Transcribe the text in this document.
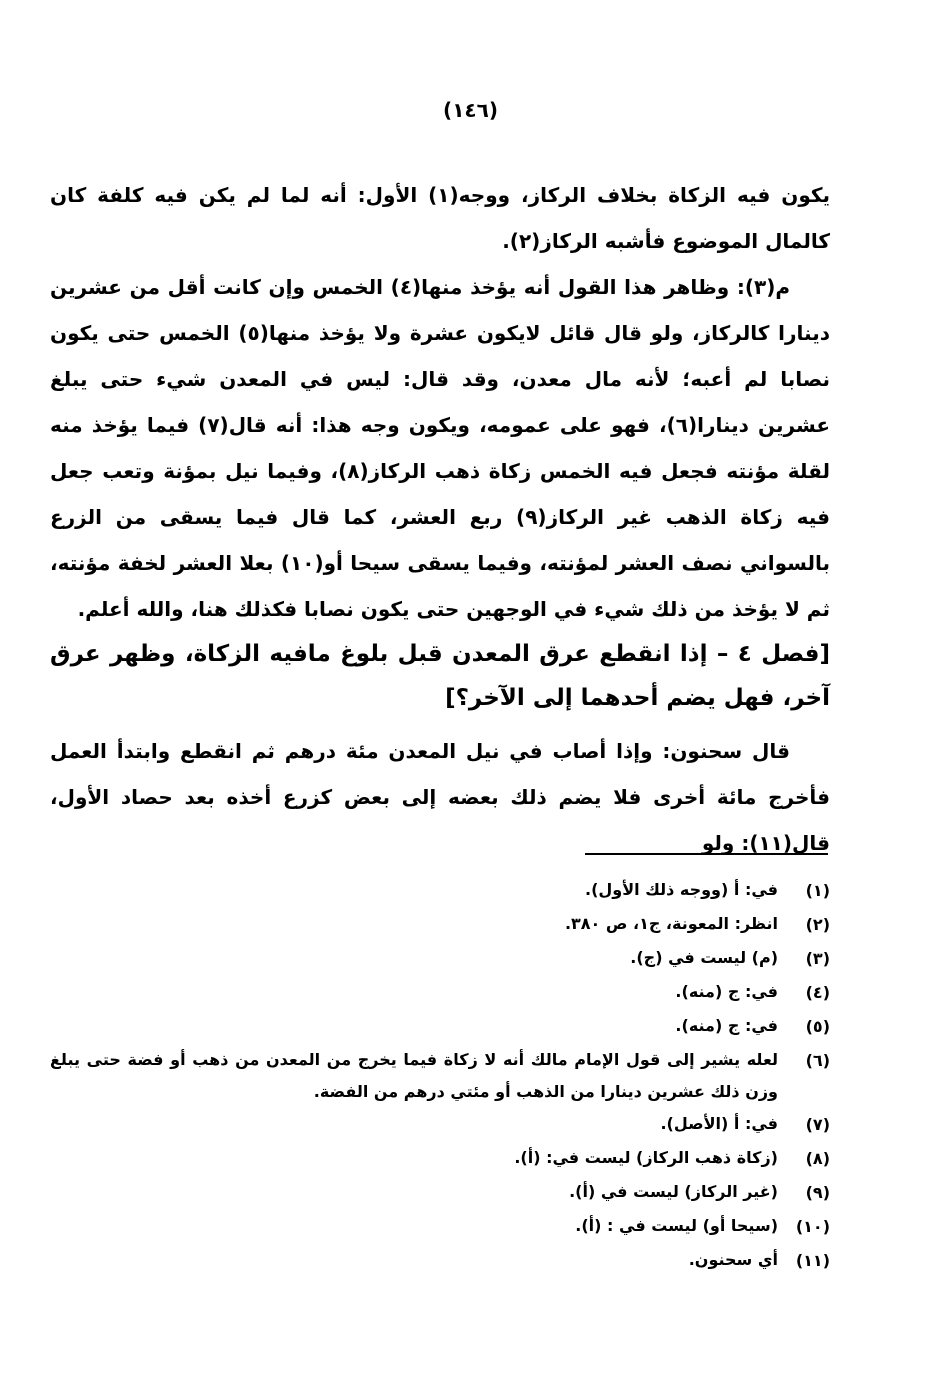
(١٤٦)

يكون فيه الزكاة بخلاف الركاز، ووجه(١) الأول: أنه لما لم يكن فيه كلفة كان كالمال الموضوع فأشبه الركاز(٢).

م(٣): وظاهر هذا القول أنه يؤخذ منها(٤) الخمس وإن كانت أقل من عشرين دينارا كالركاز، ولو قال قائل لايكون عشرة ولا يؤخذ منها(٥) الخمس حتى يكون نصابا لم أعبه؛ لأنه مال معدن، وقد قال: ليس في المعدن شيء حتى يبلغ عشرين دينارا(٦)، فهو على عمومه، ويكون وجه هذا: أنه قال(٧) فيما يؤخذ منه لقلة مؤنته فجعل فيه الخمس زكاة ذهب الركاز(٨)، وفيما نيل بمؤنة وتعب جعل فيه زكاة الذهب غير الركاز(٩) ربع العشر، كما قال فيما يسقى من الزرع بالسواني نصف العشر لمؤنته، وفيما يسقى سيحا أو(١٠) بعلا العشر لخفة مؤنته، ثم لا يؤخذ من ذلك شيء في الوجهين حتى يكون نصابا فكذلك هنا، والله أعلم.

[فصل ٤ – إذا انقطع عرق المعدن قبل بلوغ مافيه الزكاة، وظهر عرق آخر، فهل يضم أحدهما إلى الآخر؟]

قال سحنون: وإذا أصاب في نيل المعدن مئة درهم ثم انقطع وابتدأ العمل فأخرج مائة أخرى فلا يضم ذلك بعضه إلى بعض كزرع أخذه بعد حصاد الأول، قال(١١): ولو

(١)
في: أ (ووجه ذلك الأول).
(٢)
انظر: المعونة، ج١، ص ٣٨٠.
(٣)
(م) ليست في (ج).
(٤)
في: ج (منه).
(٥)
في: ج (منه).
(٦)
لعله يشير إلى قول الإمام مالك أنه لا زكاة فيما يخرج من المعدن من ذهب أو فضة حتى يبلغ وزن ذلك عشرين دينارا من الذهب أو مئتي درهم من الفضة.
(٧)
في: أ (الأصل).
(٨)
(زكاة ذهب الركاز) ليست في: (أ).
(٩)
(غير الركاز) ليست في (أ).
(١٠)
(سيحا أو) ليست في : (أ).
(١١)
أي سحنون.
